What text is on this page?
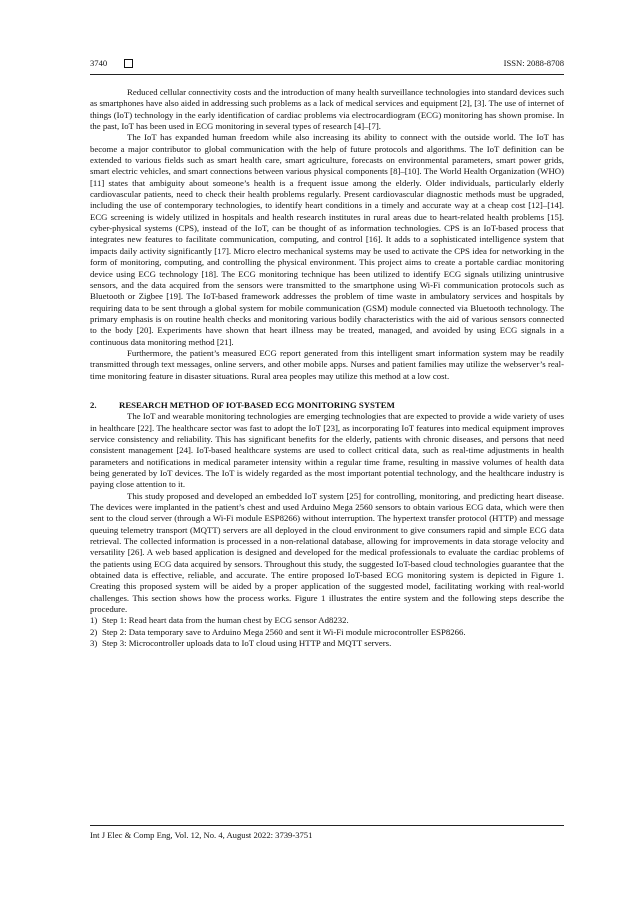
3740	ISSN: 2088-8708

Reduced cellular connectivity costs and the introduction of many health surveillance technologies into standard devices such as smartphones have also aided in addressing such problems as a lack of medical services and equipment [2], [3]. The use of internet of things (IoT) technology in the early identification of cardiac problems via electrocardiogram (ECG) monitoring has shown promise. In the past, IoT has been used in ECG monitoring in several types of research [4]–[7].

The IoT has expanded human freedom while also increasing its ability to connect with the outside world. The IoT has become a major contributor to global communication with the help of future protocols and algorithms. The IoT definition can be extended to various fields such as smart health care, smart agriculture, forecasts on environmental parameters, smart power grids, smart electric vehicles, and smart connections between various physical components [8]–[10]. The World Health Organization (WHO) [11] states that ambiguity about someone’s health is a frequent issue among the elderly. Older individuals, particularly elderly cardiovascular patients, need to check their health problems regularly. Present cardiovascular diagnostic methods must be upgraded, including the use of contemporary technologies, to identify heart conditions in a timely and accurate way at a cheap cost [12]–[14]. ECG screening is widely utilized in hospitals and health research institutes in rural areas due to heart-related health problems [15]. cyber-physical systems (CPS), instead of the IoT, can be thought of as information technologies. CPS is an IoT-based process that integrates new features to facilitate communication, computing, and control [16]. It adds to a sophisticated intelligence system that impacts daily activity significantly [17]. Micro electro mechanical systems may be used to activate the CPS idea for networking in the form of monitoring, computing, and controlling the physical environment. This project aims to create a portable cardiac monitoring device using ECG technology [18]. The ECG monitoring technique has been utilized to identify ECG signals utilizing unintrusive sensors, and the data acquired from the sensors were transmitted to the smartphone using Wi-Fi communication protocols such as Bluetooth or Zigbee [19]. The IoT-based framework addresses the problem of time waste in ambulatory services and hospitals by requiring data to be sent through a global system for mobile communication (GSM) module connected via Bluetooth technology. The primary emphasis is on routine health checks and monitoring various bodily characteristics with the aid of various sensors connected to the body [20]. Experiments have shown that heart illness may be treated, managed, and avoided by using ECG signals in a continuous data monitoring method [21].

Furthermore, the patient’s measured ECG report generated from this intelligent smart information system may be readily transmitted through text messages, online servers, and other mobile apps. Nurses and patient families may utilize the webserver’s real-time monitoring feature in disaster situations. Rural area peoples may utilize this method at a low cost.

2.	RESEARCH METHOD OF IOT-BASED ECG MONITORING SYSTEM

The IoT and wearable monitoring technologies are emerging technologies that are expected to provide a wide variety of uses in healthcare [22]. The healthcare sector was fast to adopt the IoT [23], as incorporating IoT features into medical equipment improves service consistency and reliability. This has significant benefits for the elderly, patients with chronic diseases, and persons that need consistent management [24]. IoT-based healthcare systems are used to collect critical data, such as real-time adjustments in health parameters and notifications in medical parameter intensity within a regular time frame, resulting in massive volumes of health data being generated by IoT devices. The IoT is widely regarded as the most important potential technology, and the healthcare industry is paying close attention to it.

This study proposed and developed an embedded IoT system [25] for controlling, monitoring, and predicting heart disease. The devices were implanted in the patient’s chest and used Arduino Mega 2560 sensors to obtain various ECG data, which were then sent to the cloud server (through a Wi-Fi module ESP8266) without interruption. The hypertext transfer protocol (HTTP) and message queuing telemetry transport (MQTT) servers are all deployed in the cloud environment to give consumers rapid and simple ECG data retrieval. The collected information is processed in a non-relational database, allowing for improvements in data storage velocity and versatility [26]. A web based application is designed and developed for the medical professionals to evaluate the cardiac problems of the patients using ECG data acquired by sensors. Throughout this study, the suggested IoT-based cloud technologies guarantee that the obtained data is effective, reliable, and accurate. The entire proposed IoT-based ECG monitoring system is depicted in Figure 1. Creating this proposed system will be aided by a proper application of the suggested model, facilitating working with real-world challenges. This section shows how the process works. Figure 1 illustrates the entire system and the following steps describe the procedure.

1) Step 1: Read heart data from the human chest by ECG sensor Ad8232.
2) Step 2: Data temporary save to Arduino Mega 2560 and sent it Wi-Fi module microcontroller ESP8266.
3) Step 3: Microcontroller uploads data to IoT cloud using HTTP and MQTT servers.
Int J Elec & Comp Eng, Vol. 12, No. 4, August 2022: 3739-3751
